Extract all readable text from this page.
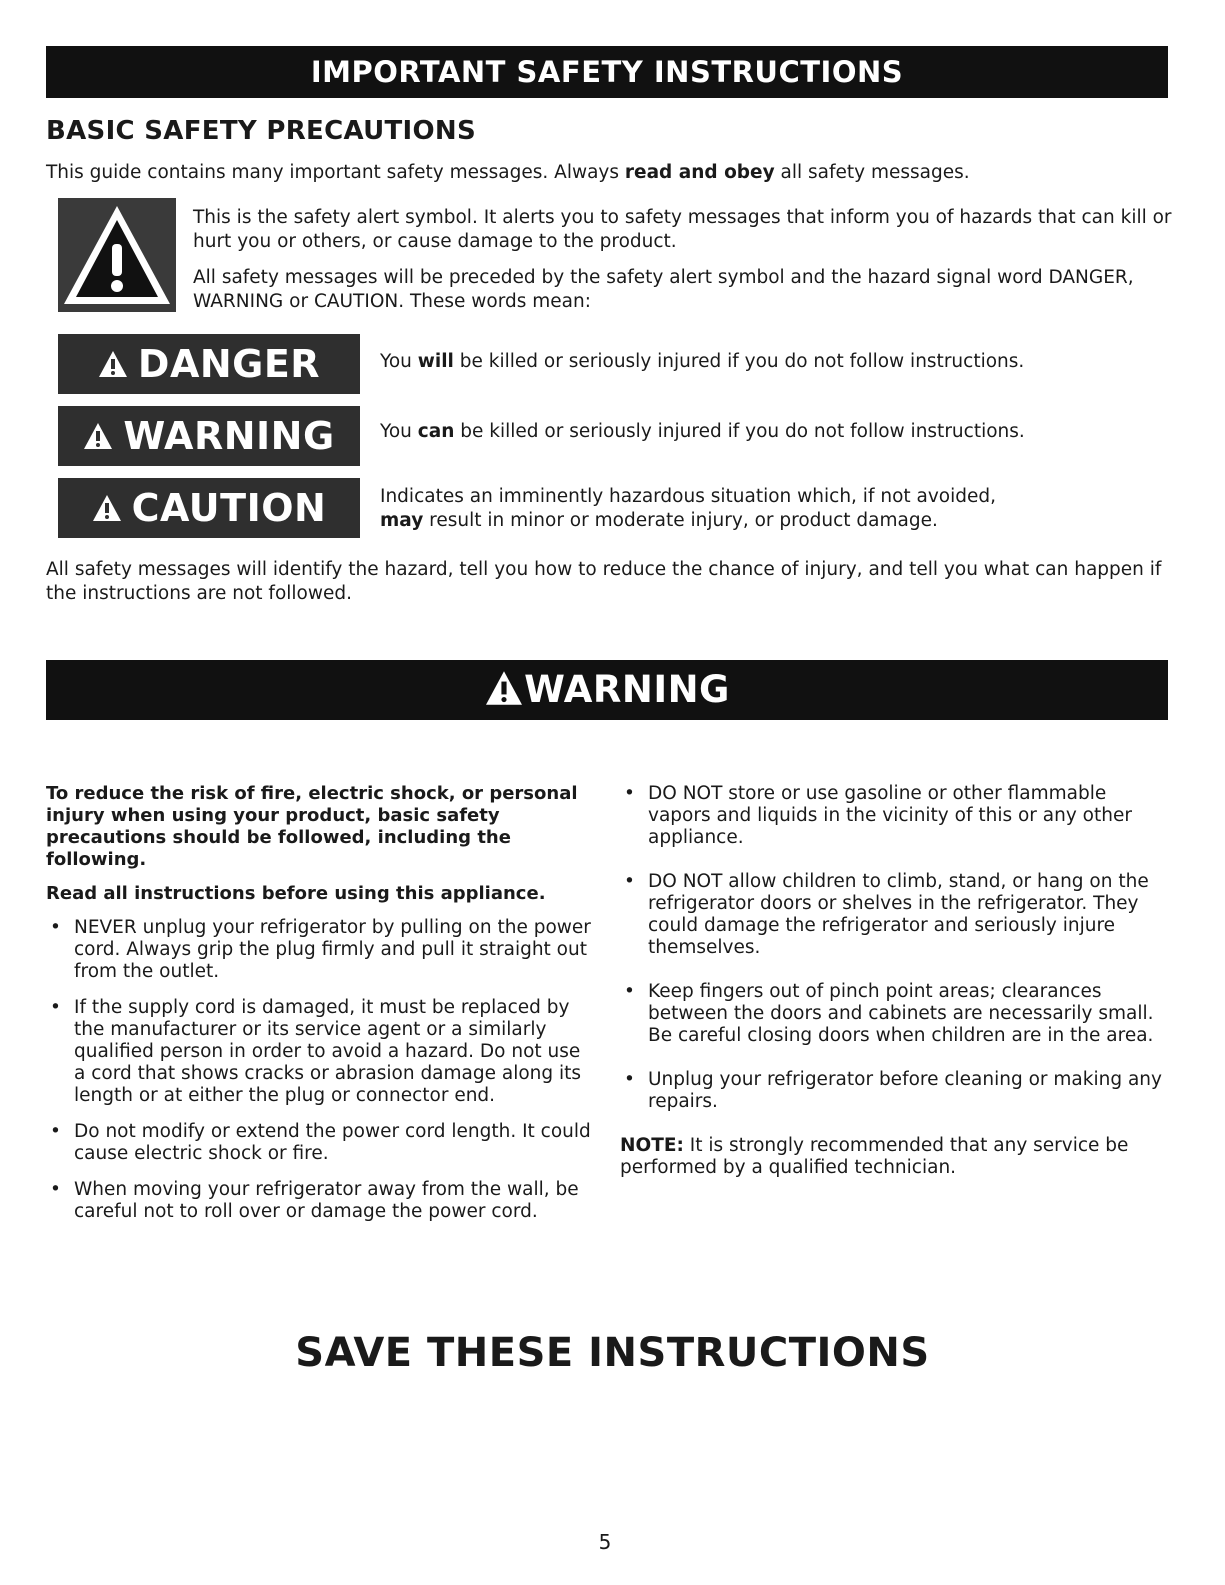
IMPORTANT SAFETY INSTRUCTIONS
BASIC SAFETY PRECAUTIONS
This guide contains many important safety messages. Always read and obey all safety messages.
This is the safety alert symbol. It alerts you to safety messages that inform you of hazards that can kill or hurt you or others, or cause damage to the product.
All safety messages will be preceded by the safety alert symbol and the hazard signal word DANGER, WARNING or CAUTION. These words mean:
DANGER	You will be killed or seriously injured if you do not follow instructions.
WARNING You can be killed or seriously injured if you do not follow instructions.
CAUTION	Indicates an imminently hazardous situation which, if not avoided,
may result in minor or moderate injury, or product damage.
All safety messages will identify the hazard, tell you how to reduce the chance of injury, and tell you what can happen if the instructions are not followed.
WARNING

To reduce the risk of fire, electric shock, or personal injury when using your product, basic safety precautions should be followed, including the following.

Read all instructions before using this appliance.

• NEVER unplug your refrigerator by pulling on the power cord. Always grip the plug firmly and pull it straight out from the outlet.
• If the supply cord is damaged, it must be replaced by the manufacturer or its service agent or a similarly qualified person in order to avoid a hazard. Do not use a cord that shows cracks or abrasion damage along its length or at either the plug or connector end.
• Do not modify or extend the power cord length. It could cause electric shock or fire.
• When moving your refrigerator away from the wall, be careful not to roll over or damage the power cord.
• DO NOT store or use gasoline or other flammable vapors and liquids in the vicinity of this or any other appliance.
• DO NOT allow children to climb, stand, or hang on the refrigerator doors or shelves in the refrigerator. They could damage the refrigerator and seriously injure themselves.
• Keep fingers out of pinch point areas; clearances between the doors and cabinets are necessarily small. Be careful closing doors when children are in the area.
• Unplug your refrigerator before cleaning or making any repairs.
NOTE: It is strongly recommended that any service be performed by a qualified technician.
SAVE THESE INSTRUCTIONS
5
